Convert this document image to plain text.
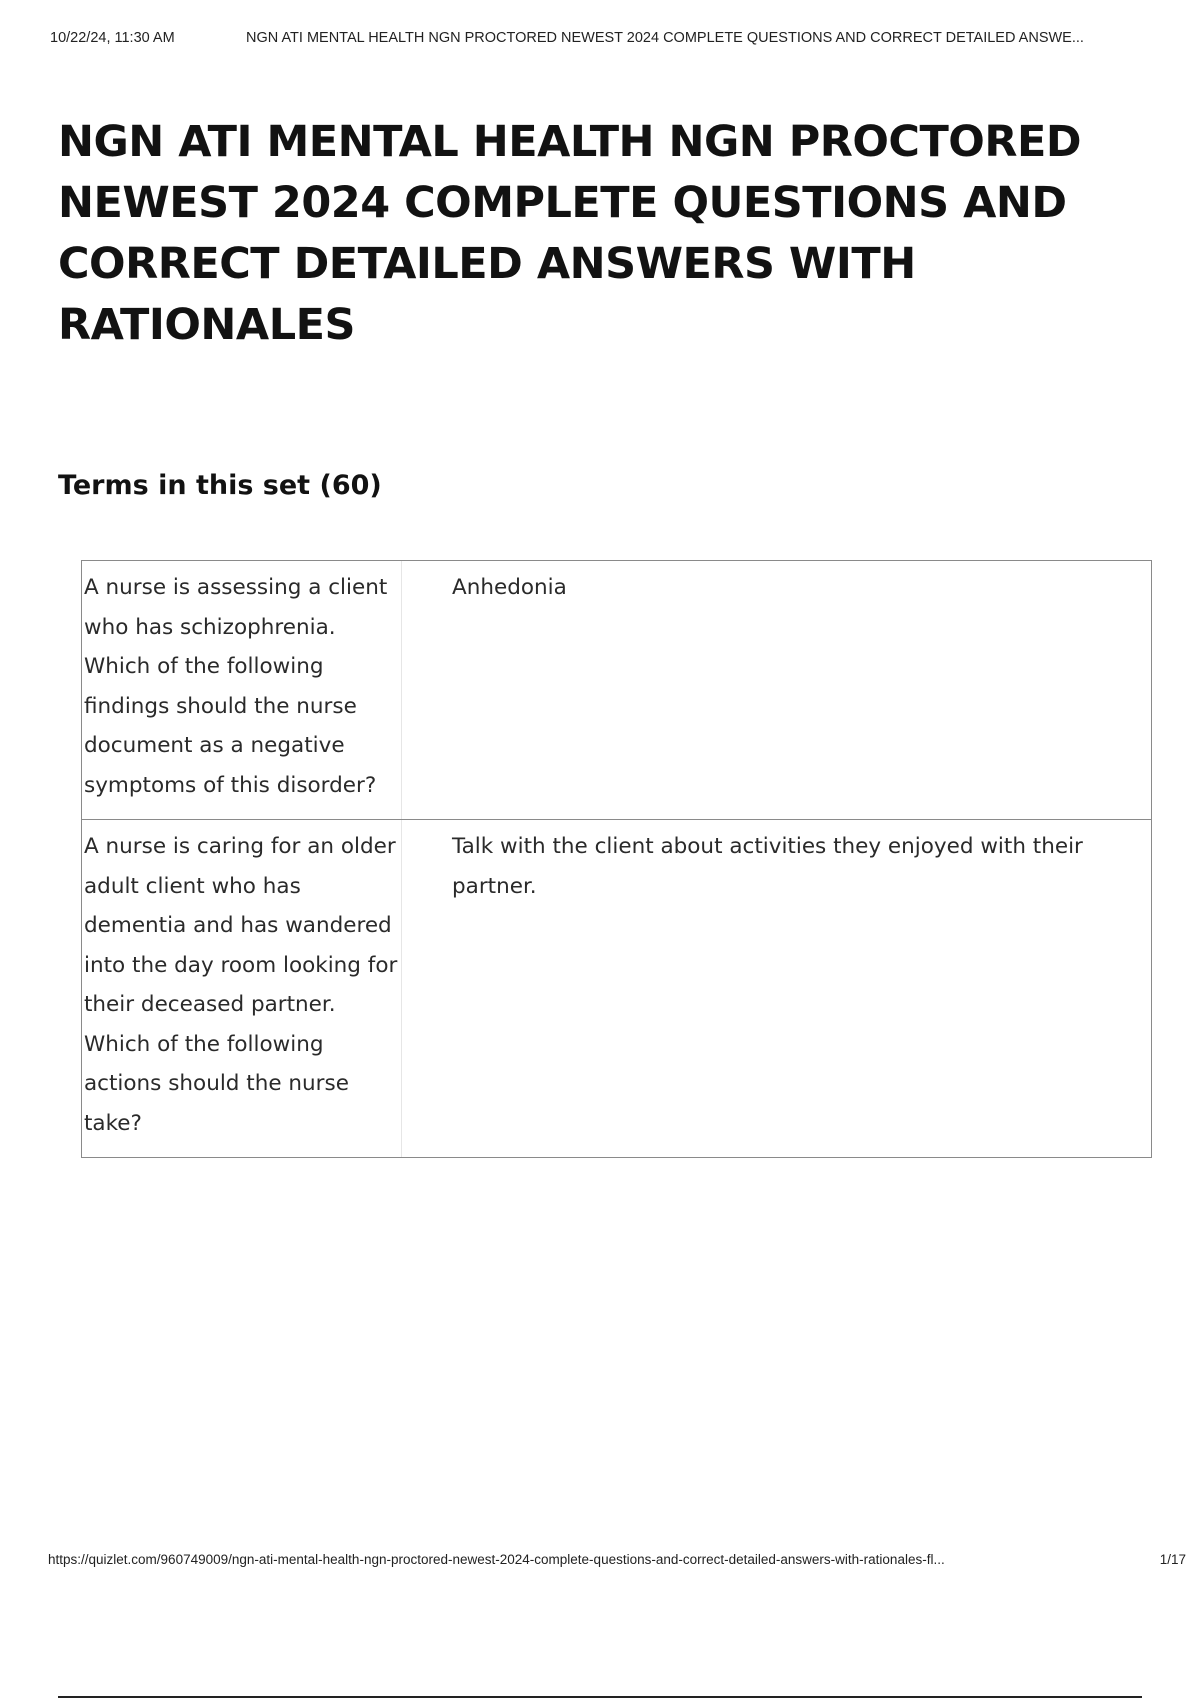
10/22/24, 11:30 AM	NGN ATI MENTAL HEALTH NGN PROCTORED NEWEST 2024 COMPLETE QUESTIONS AND CORRECT DETAILED ANSWE...
NGN ATI MENTAL HEALTH NGN PROCTORED NEWEST 2024 COMPLETE QUESTIONS AND CORRECT DETAILED ANSWERS WITH RATIONALES
Terms in this set (60)
A nurse is assessing a client who has schizophrenia. Which of the following findings should the nurse document as a negative symptoms of this disorder?
Anhedonia
A nurse is caring for an older adult client who has dementia and has wandered into the day room looking for their deceased partner. Which of the following actions should the nurse take?
Talk with the client about activities they enjoyed with their partner.
https://quizlet.com/960749009/ngn-ati-mental-health-ngn-proctored-newest-2024-complete-questions-and-correct-detailed-answers-with-rationales-fl...	1/17
